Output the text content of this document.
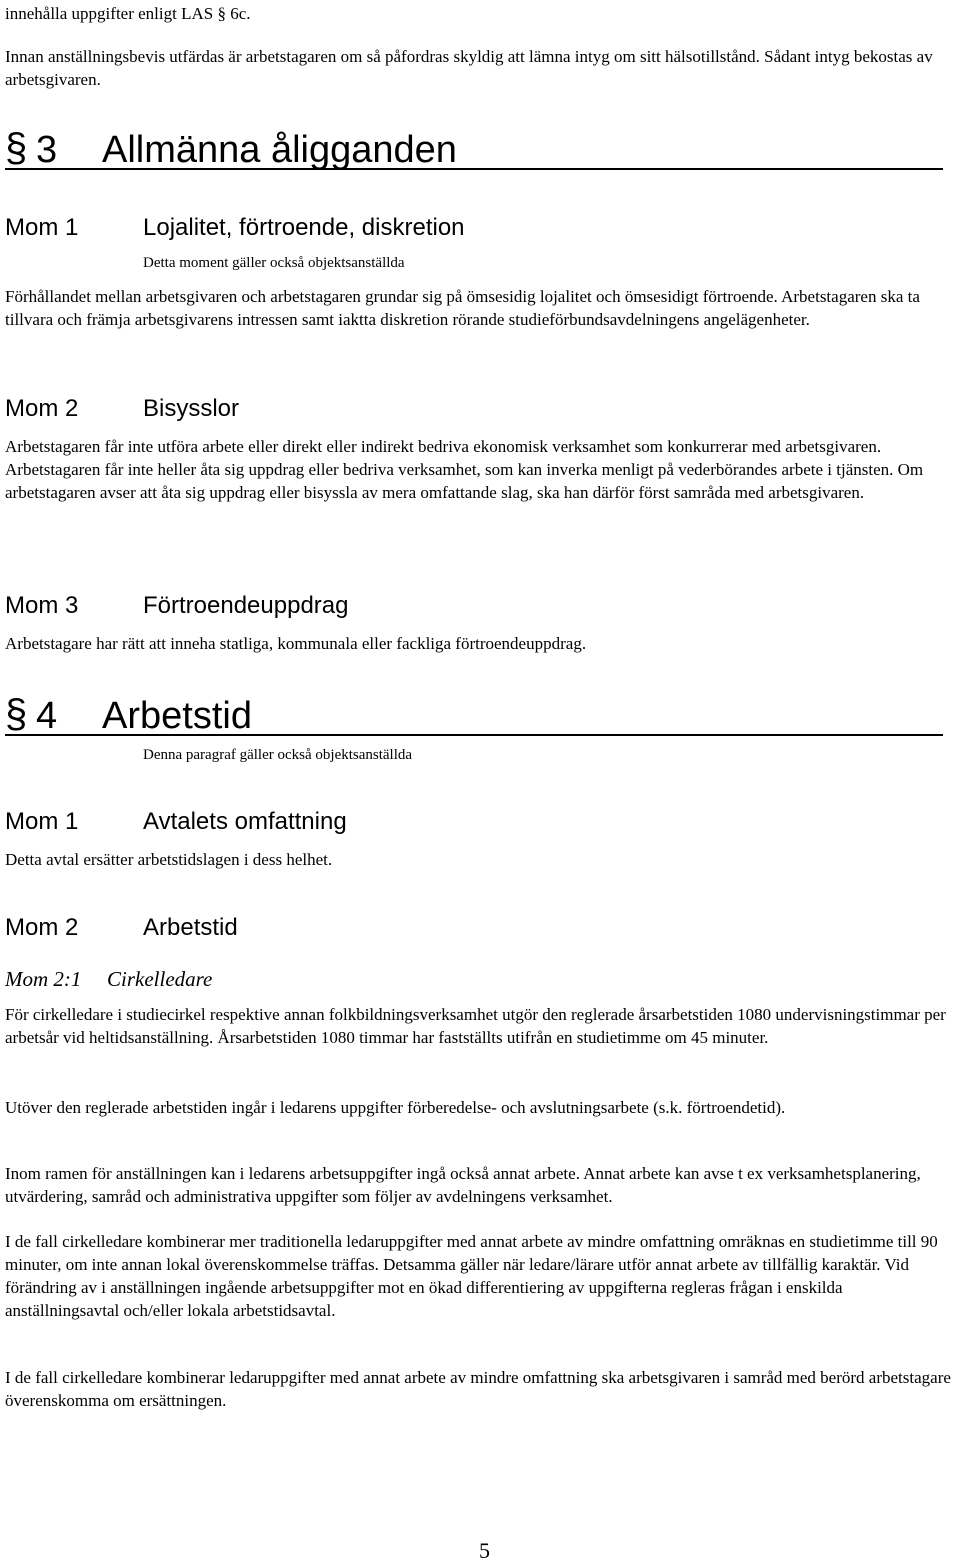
innehålla uppgifter enligt LAS § 6c.

Innan anställningsbevis utfärdas är arbetstagaren om så påfordras skyldig att lämna intyg om sitt hälsotillstånd. Sådant intyg bekostas av arbetsgivaren.

§ 3 Allmänna åligganden
Mom 1	Lojalitet, förtroende, diskretion
Detta moment gäller också objektsanställda

Förhållandet mellan arbetsgivaren och arbetstagaren grundar sig på ömsesidig lojalitet och ömsesidigt förtroende. Arbetstagaren ska ta tillvara och främja arbetsgivarens intressen samt iaktta diskretion rörande studieförbundsavdelningens angelägenheter.

Mom 2	Bisysslor

Arbetstagaren får inte utföra arbete eller direkt eller indirekt bedriva ekonomisk verksamhet som konkurrerar med arbetsgivaren. Arbetstagaren får inte heller åta sig uppdrag eller bedriva verksamhet, som kan inverka menligt på vederbörandes arbete i tjänsten. Om arbetstagaren avser att åta sig uppdrag eller bisyssla av mera omfattande slag, ska han därför först samråda med arbetsgivaren.

Mom 3	Förtroendeuppdrag

Arbetstagare har rätt att inneha statliga, kommunala eller fackliga förtroendeuppdrag.

§ 4 Arbetstid
Denna paragraf gäller också objektsanställda
Mom 1	Avtalets omfattning

Detta avtal ersätter arbetstidslagen i dess helhet.

Mom 2	Arbetstid
Mom 2:1 Cirkelledare

För cirkelledare i studiecirkel respektive annan folkbildningsverksamhet utgör den reglerade årsarbetstiden 1080 undervisningstimmar per arbetsår vid heltidsanställning. Årsarbetstiden 1080 timmar har fastställts utifrån en studietimme om 45 minuter.

Utöver den reglerade arbetstiden ingår i ledarens uppgifter förberedelse- och avslutningsarbete (s.k. förtroendetid).

Inom ramen för anställningen kan i ledarens arbetsuppgifter ingå också annat arbete. Annat arbete kan avse t ex verksamhetsplanering, utvärdering, samråd och administrativa uppgifter som följer av avdelningens verksamhet.

I de fall cirkelledare kombinerar mer traditionella ledaruppgifter med annat arbete av mindre omfattning omräknas en studietimme till 90 minuter, om inte annan lokal överenskommelse träffas. Detsamma gäller när ledare/lärare utför annat arbete av tillfällig karaktär. Vid förändring av i anställningen ingående arbetsuppgifter mot en ökad differentiering av uppgifterna regleras frågan i enskilda anställningsavtal och/eller lokala arbetstidsavtal.

I de fall cirkelledare kombinerar ledaruppgifter med annat arbete av mindre omfattning ska arbetsgivaren i samråd med berörd arbetstagare överenskomma om ersättningen.

5
